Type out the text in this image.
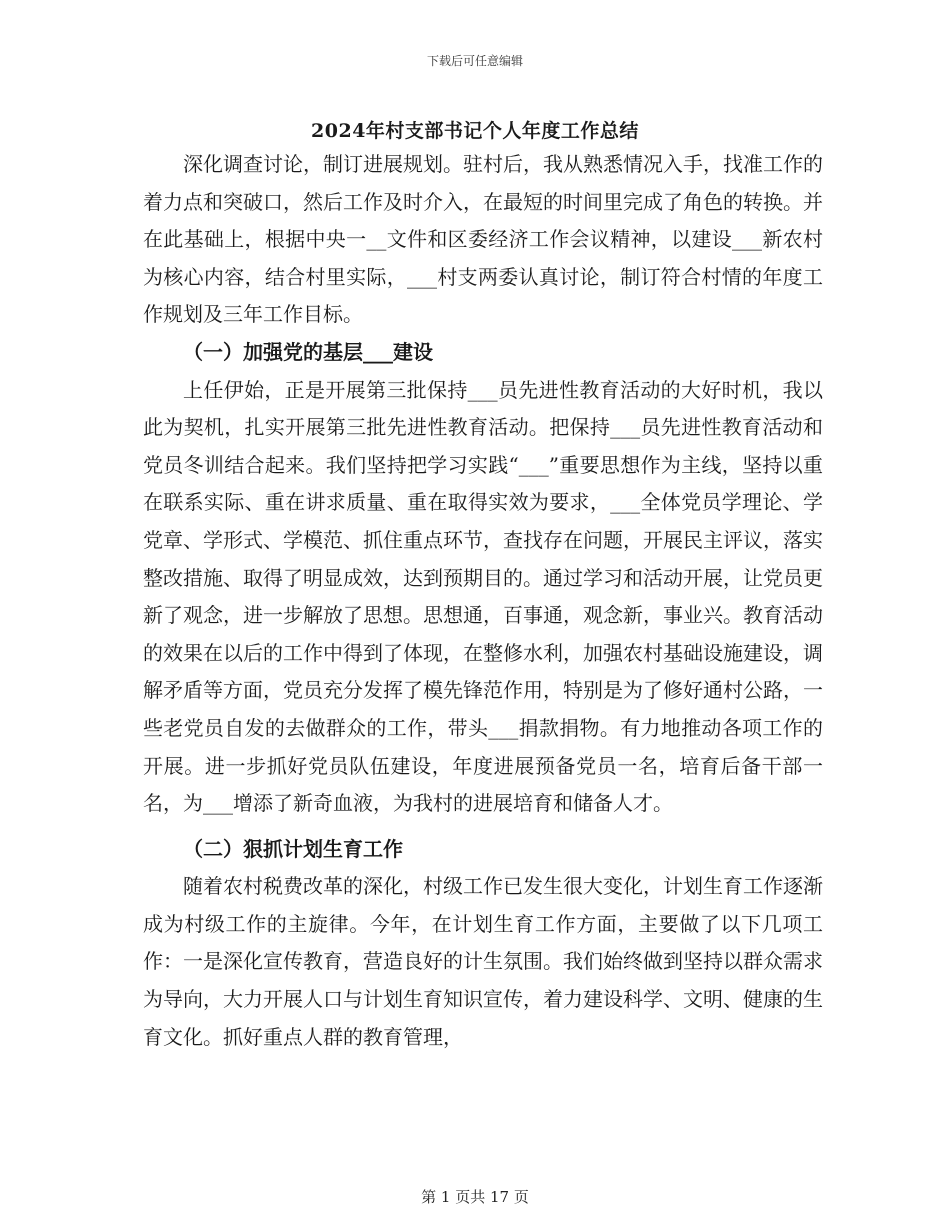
下载后可任意编辑
2024年村支部书记个人年度工作总结

深化调查讨论，制订进展规划。驻村后，我从熟悉情况入手，找准工作的着力点和突破口，然后工作及时介入，在最短的时间里完成了角色的转换。并在此基础上，根据中央一__文件和区委经济工作会议精神，以建设___新农村为核心内容，结合村里实际，___村支两委认真讨论，制订符合村情的年度工作规划及三年工作目标。

（一）加强党的基层___建设

上任伊始，正是开展第三批保持___员先进性教育活动的大好时机，我以此为契机，扎实开展第三批先进性教育活动。把保持___员先进性教育活动和党员冬训结合起来。我们坚持把学习实践“___”重要思想作为主线，坚持以重在联系实际、重在讲求质量、重在取得实效为要求，___全体党员学理论、学党章、学形式、学模范、抓住重点环节，查找存在问题，开展民主评议，落实整改措施、取得了明显成效，达到预期目的。通过学习和活动开展，让党员更新了观念，进一步解放了思想。思想通，百事通，观念新，事业兴。教育活动的效果在以后的工作中得到了体现，在整修水利，加强农村基础设施建设，调解矛盾等方面，党员充分发挥了模先锋范作用，特别是为了修好通村公路，一些老党员自发的去做群众的工作，带头___捐款捐物。有力地推动各项工作的开展。进一步抓好党员队伍建设，年度进展预备党员一名，培育后备干部一名，为___增添了新奇血液，为我村的进展培育和储备人才。

（二）狠抓计划生育工作

随着农村税费改革的深化，村级工作已发生很大变化，计划生育工作逐渐成为村级工作的主旋律。今年，在计划生育工作方面，主要做了以下几项工作：一是深化宣传教育，营造良好的计生氛围。我们始终做到坚持以群众需求为导向，大力开展人口与计划生育知识宣传，着力建设科学、文明、健康的生育文化。抓好重点人群的教育管理，

第 1 页共 17 页
